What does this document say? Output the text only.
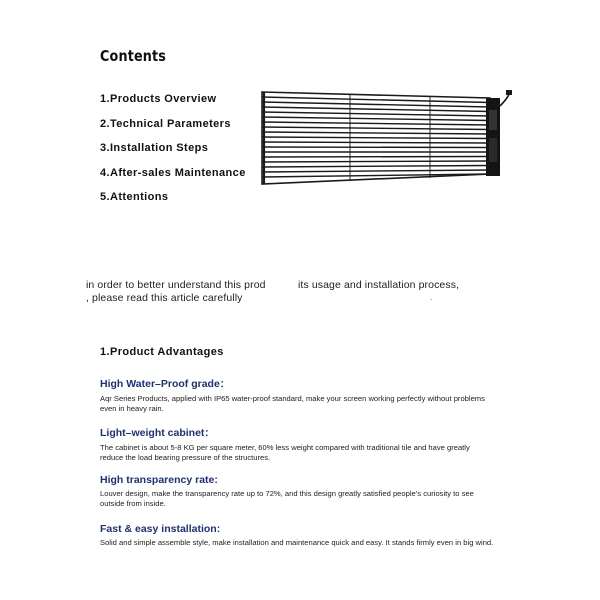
Contents
1.Products Overview
2.Technical Parameters
3.Installation Steps
4.After-sales Maintenance
5.Attentions
in order to better understand this prod	its usage and installation process,
, please read this article carefully	.
1.Product Advantages
High Water–Proof grade：

Aqr Series Products, applied with IP65 water-proof standard, make your screen working perfectly without problems even in heavy rain.

Light–weight cabinet：

The cabinet is about 5-8 KG per square meter, 60% less weight compared with traditional tile and have greatly reduce the load bearing pressure of the structures.

High transparency rate:

Louver design, make the transparency rate up to 72%, and this design greatly satisfied people’s curiosity to see outside from inside.

Fast & easy installation:

Solid and simple assemble style, make installation and maintenance quick and easy. It stands firmly even in big wind.
